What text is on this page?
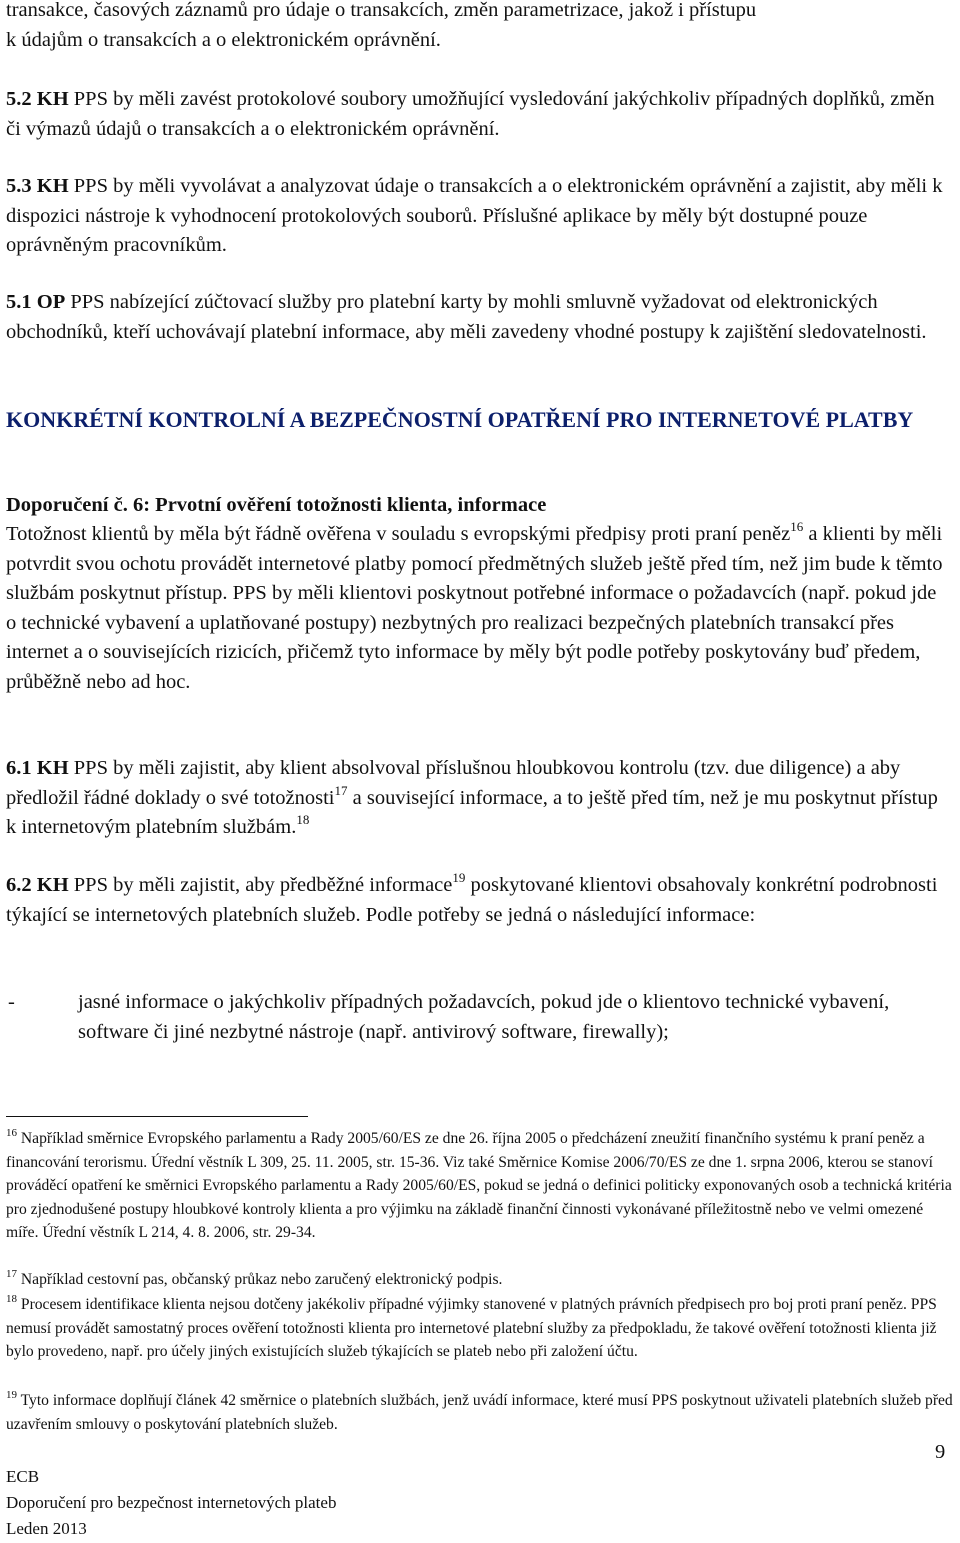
transakce, časových záznamů pro údaje o transakcích, změn parametrizace, jakož i přístupu
k údajům o transakcích a o elektronickém oprávnění.
5.2 KH PPS by měli zavést protokolové soubory umožňující vysledování jakýchkoliv případných doplňků, změn či výmazů údajů o transakcích a o elektronickém oprávnění.
5.3 KH PPS by měli vyvolávat a analyzovat údaje o transakcích a o elektronickém oprávnění a zajistit, aby měli k dispozici nástroje k vyhodnocení protokolových souborů. Příslušné aplikace by měly být dostupné pouze oprávněným pracovníkům.
5.1 OP PPS nabízející zúčtovací služby pro platební karty by mohli smluvně vyžadovat od elektronických obchodníků, kteří uchovávají platební informace, aby měli zavedeny vhodné postupy k zajištění sledovatelnosti.
KONKRÉTNÍ KONTROLNÍ A BEZPEČNOSTNÍ OPATŘENÍ PRO INTERNETOVÉ PLATBY
Doporučení č. 6: Prvotní ověření totožnosti klienta, informace
Totožnost klientů by měla být řádně ověřena v souladu s evropskými předpisy proti praní peněz$^{16}$ a klienti by měli potvrdit svou ochotu provádět internetové platby pomocí předmětných služeb ještě před tím, než jim bude k těmto službám poskytnut přístup. PPS by měli klientovi poskytnout potřebné informace o požadavcích (např. pokud jde o technické vybavení a uplatňované postupy) nezbytných pro realizaci bezpečných platebních transakcí přes internet a o souvisejících rizicích, přičemž tyto informace by měly být podle potřeby poskytovány buď předem, průběžně nebo ad hoc.
6.1 KH PPS by měli zajistit, aby klient absolvoval příslušnou hloubkovou kontrolu (tzv. due diligence) a aby předložil řádné doklady o své totožnosti$^{17}$ a související informace, a to ještě před tím, než je mu poskytnut přístup k internetovým platebním službám.$^{18}$
6.2 KH PPS by měli zajistit, aby předběžné informace$^{19}$ poskytované klientovi obsahovaly konkrétní podrobnosti týkající se internetových platebních služeb. Podle potřeby se jedná o následující informace:
-	jasné informace o jakýchkoliv případných požadavcích, pokud jde o klientovo technické vybavení, software či jiné nezbytné nástroje (např. antivirový software, firewally);
$^{16}$ Například směrnice Evropského parlamentu a Rady 2005/60/ES ze dne 26. října 2005 o předcházení zneužití finančního systému k praní peněz a financování terorismu. Úřední věstník L 309, 25. 11. 2005, str. 15-36. Viz také Směrnice Komise 2006/70/ES ze dne 1. srpna 2006, kterou se stanoví prováděcí opatření ke směrnici Evropského parlamentu a Rady 2005/60/ES, pokud se jedná o definici politicky exponovaných osob a technická kritéria pro zjednodušené postupy hloubkové kontroly klienta a pro výjimku na základě finanční činnosti vykonávané příležitostně nebo ve velmi omezené míře. Úřední věstník L 214, 4. 8. 2006, str. 29-34.
$^{17}$ Například cestovní pas, občanský průkaz nebo zaručený elektronický podpis.
$^{18}$ Procesem identifikace klienta nejsou dotčeny jakékoliv případné výjimky stanovené v platných právních předpisech pro boj proti praní peněz. PPS nemusí provádět samostatný proces ověření totožnosti klienta pro internetové platební služby za předpokladu, že takové ověření totožnosti klienta již bylo provedeno, např. pro účely jiných existujících služeb týkajících se plateb nebo při založení účtu.
$^{19}$ Tyto informace doplňují článek 42 směrnice o platebních službách, jenž uvádí informace, které musí PPS poskytnout uživateli platebních služeb před uzavřením smlouvy o poskytování platebních služeb.
9
ECB
Doporučení pro bezpečnost internetových plateb
Leden 2013
